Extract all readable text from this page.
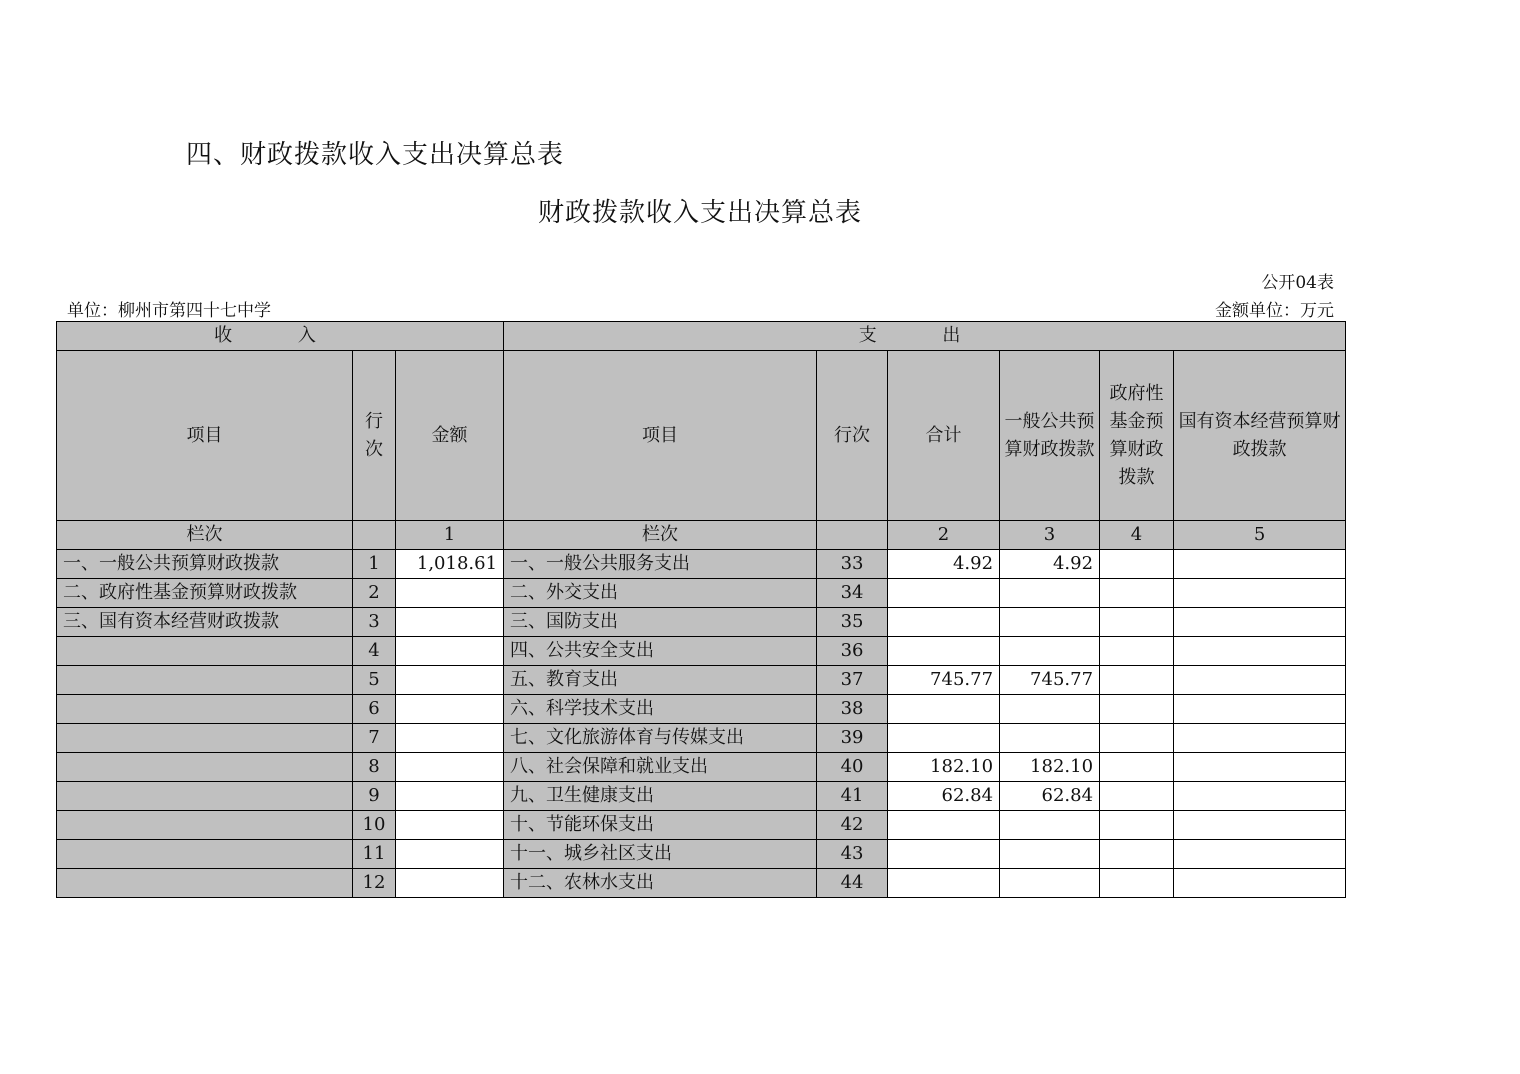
四、财政拨款收入支出决算总表
财政拨款收入支出决算总表
公开04表
单位：柳州市第四十七中学	金额单位：万元
收 入			支 出					
项目	行次	金额	项目	行次	合计	一般公共预算财政拨款	政府性基金预算财政拨款	国有资本经营预算财政拨款
栏次		1	栏次		2	3	4	5
一、一般公共预算财政拨款	1	1,018.61	一、一般公共服务支出	33	4.92	4.92		
二、政府性基金预算财政拨款	2		二、外交支出	34				
三、国有资本经营财政拨款	3		三、国防支出	35				
	4		四、公共安全支出	36				
	5		五、教育支出	37	745.77	745.77		
	6		六、科学技术支出	38				
	7		七、文化旅游体育与传媒支出	39				
	8		八、社会保障和就业支出	40	182.10	182.10		
	9		九、卫生健康支出	41	62.84	62.84		
	10		十、节能环保支出	42				
	11		十一、城乡社区支出	43				
	12		十二、农林水支出	44				
